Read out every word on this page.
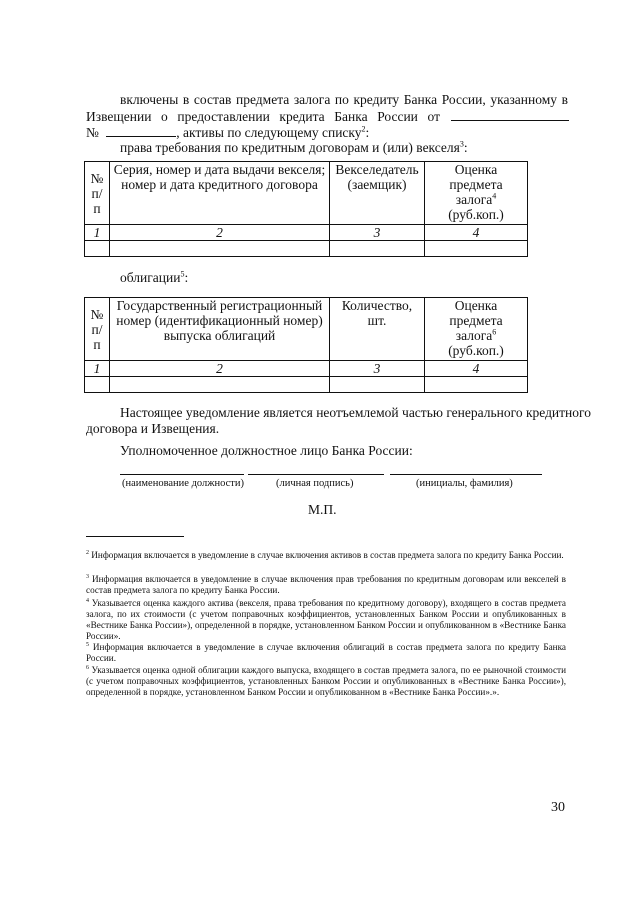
включены в состав предмета залога по кредиту Банка России, указанному в
Извещении о предоставлении кредита Банка России от
№	, активы по следующему списку$^2$:
права требования по кредитным договорам и (или) векселя$^3$:
№ п/п	Серия, номер и дата выдачи векселя; номер и дата кредитного договора	Векселедатель (заемщик)	Оценка предмета залога$^4$
(руб.коп.)
1	2	3	4

облигации$^5$:
№ п/п	Государственный регистрационный номер (идентификационный номер) выпуска облигаций	Количество, шт.	Оценка предмета залога$^6$
(руб.коп.)
1	2	3	4

Настоящее уведомление является неотъемлемой частью генерального кредитного
договора и Извещения.
Уполномоченное должностное лицо Банка России:
(наименование должности)	(личная подпись)	(инициалы, фамилия)
М.П.
$^2$ Информация включается в уведомление в случае включения активов в состав предмета залога по кредиту Банка России.
$^3$ Информация включается в уведомление в случае включения прав требования по кредитным договорам или векселей в состав предмета залога по кредиту Банка России.
$^4$ Указывается оценка каждого актива (векселя, права требования по кредитному договору), входящего в состав предмета залога, по их стоимости (с учетом поправочных коэффициентов, установленных Банком России и опубликованных в «Вестнике Банка России»), определенной в порядке, установленном Банком России и опубликованном в «Вестнике Банка России».
$^5$ Информация включается в уведомление в случае включения облигаций в состав предмета залога по кредиту Банка России.
$^6$ Указывается оценка одной облигации каждого выпуска, входящего в состав предмета залога, по ее рыночной стоимости (с учетом поправочных коэффициентов, установленных Банком России и опубликованных в «Вестнике Банка России»), определенной в порядке, установленном Банком России и опубликованном в «Вестнике Банка России».».
30
